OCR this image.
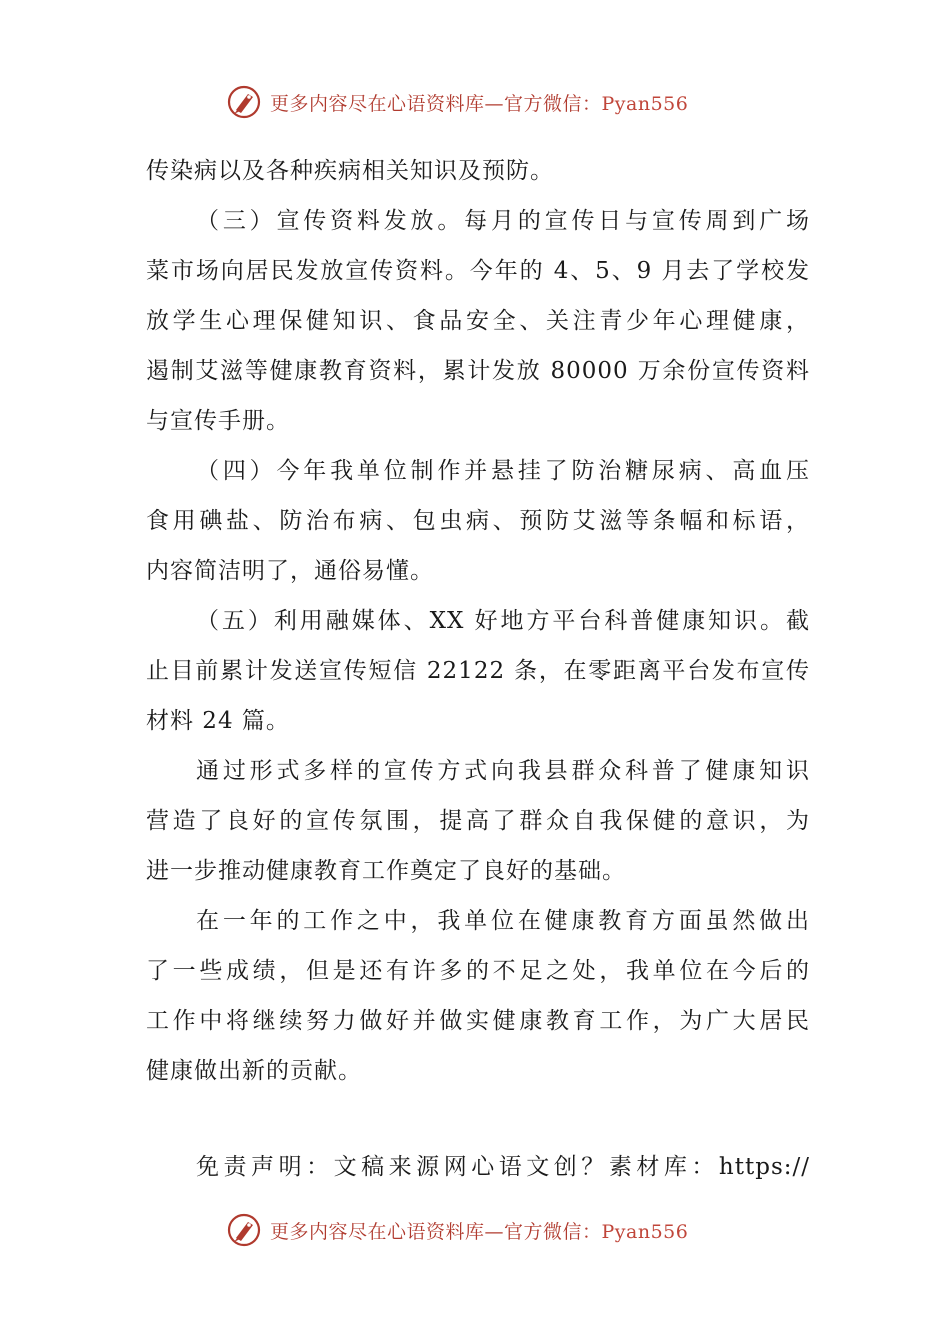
更多内容尽在心语资料库—官方微信：Pyan556
传染病以及各种疾病相关知识及预防。
（三）宣传资料发放。每月的宣传日与宣传周到广场
菜市场向居民发放宣传资料。今年的 4、5、9 月去了学校发
放学生心理保健知识、食品安全、关注青少年心理健康，
遏制艾滋等健康教育资料，累计发放 80000 万余份宣传资料
与宣传手册。
（四）今年我单位制作并悬挂了防治糖尿病、高血压
食用碘盐、防治布病、包虫病、预防艾滋等条幅和标语，
内容简洁明了，通俗易懂。
（五）利用融媒体、XX 好地方平台科普健康知识。截
止目前累计发送宣传短信 22122 条，在零距离平台发布宣传
材料 24 篇。
通过形式多样的宣传方式向我县群众科普了健康知识
营造了良好的宣传氛围，提高了群众自我保健的意识，为
进一步推动健康教育工作奠定了良好的基础。
在一年的工作之中，我单位在健康教育方面虽然做出
了一些成绩，但是还有许多的不足之处，我单位在今后的
工作中将继续努力做好并做实健康教育工作，为广大居民
健康做出新的贡献。
免责声明：文稿来源网心语文创？素材库：https://
更多内容尽在心语资料库—官方微信：Pyan556
